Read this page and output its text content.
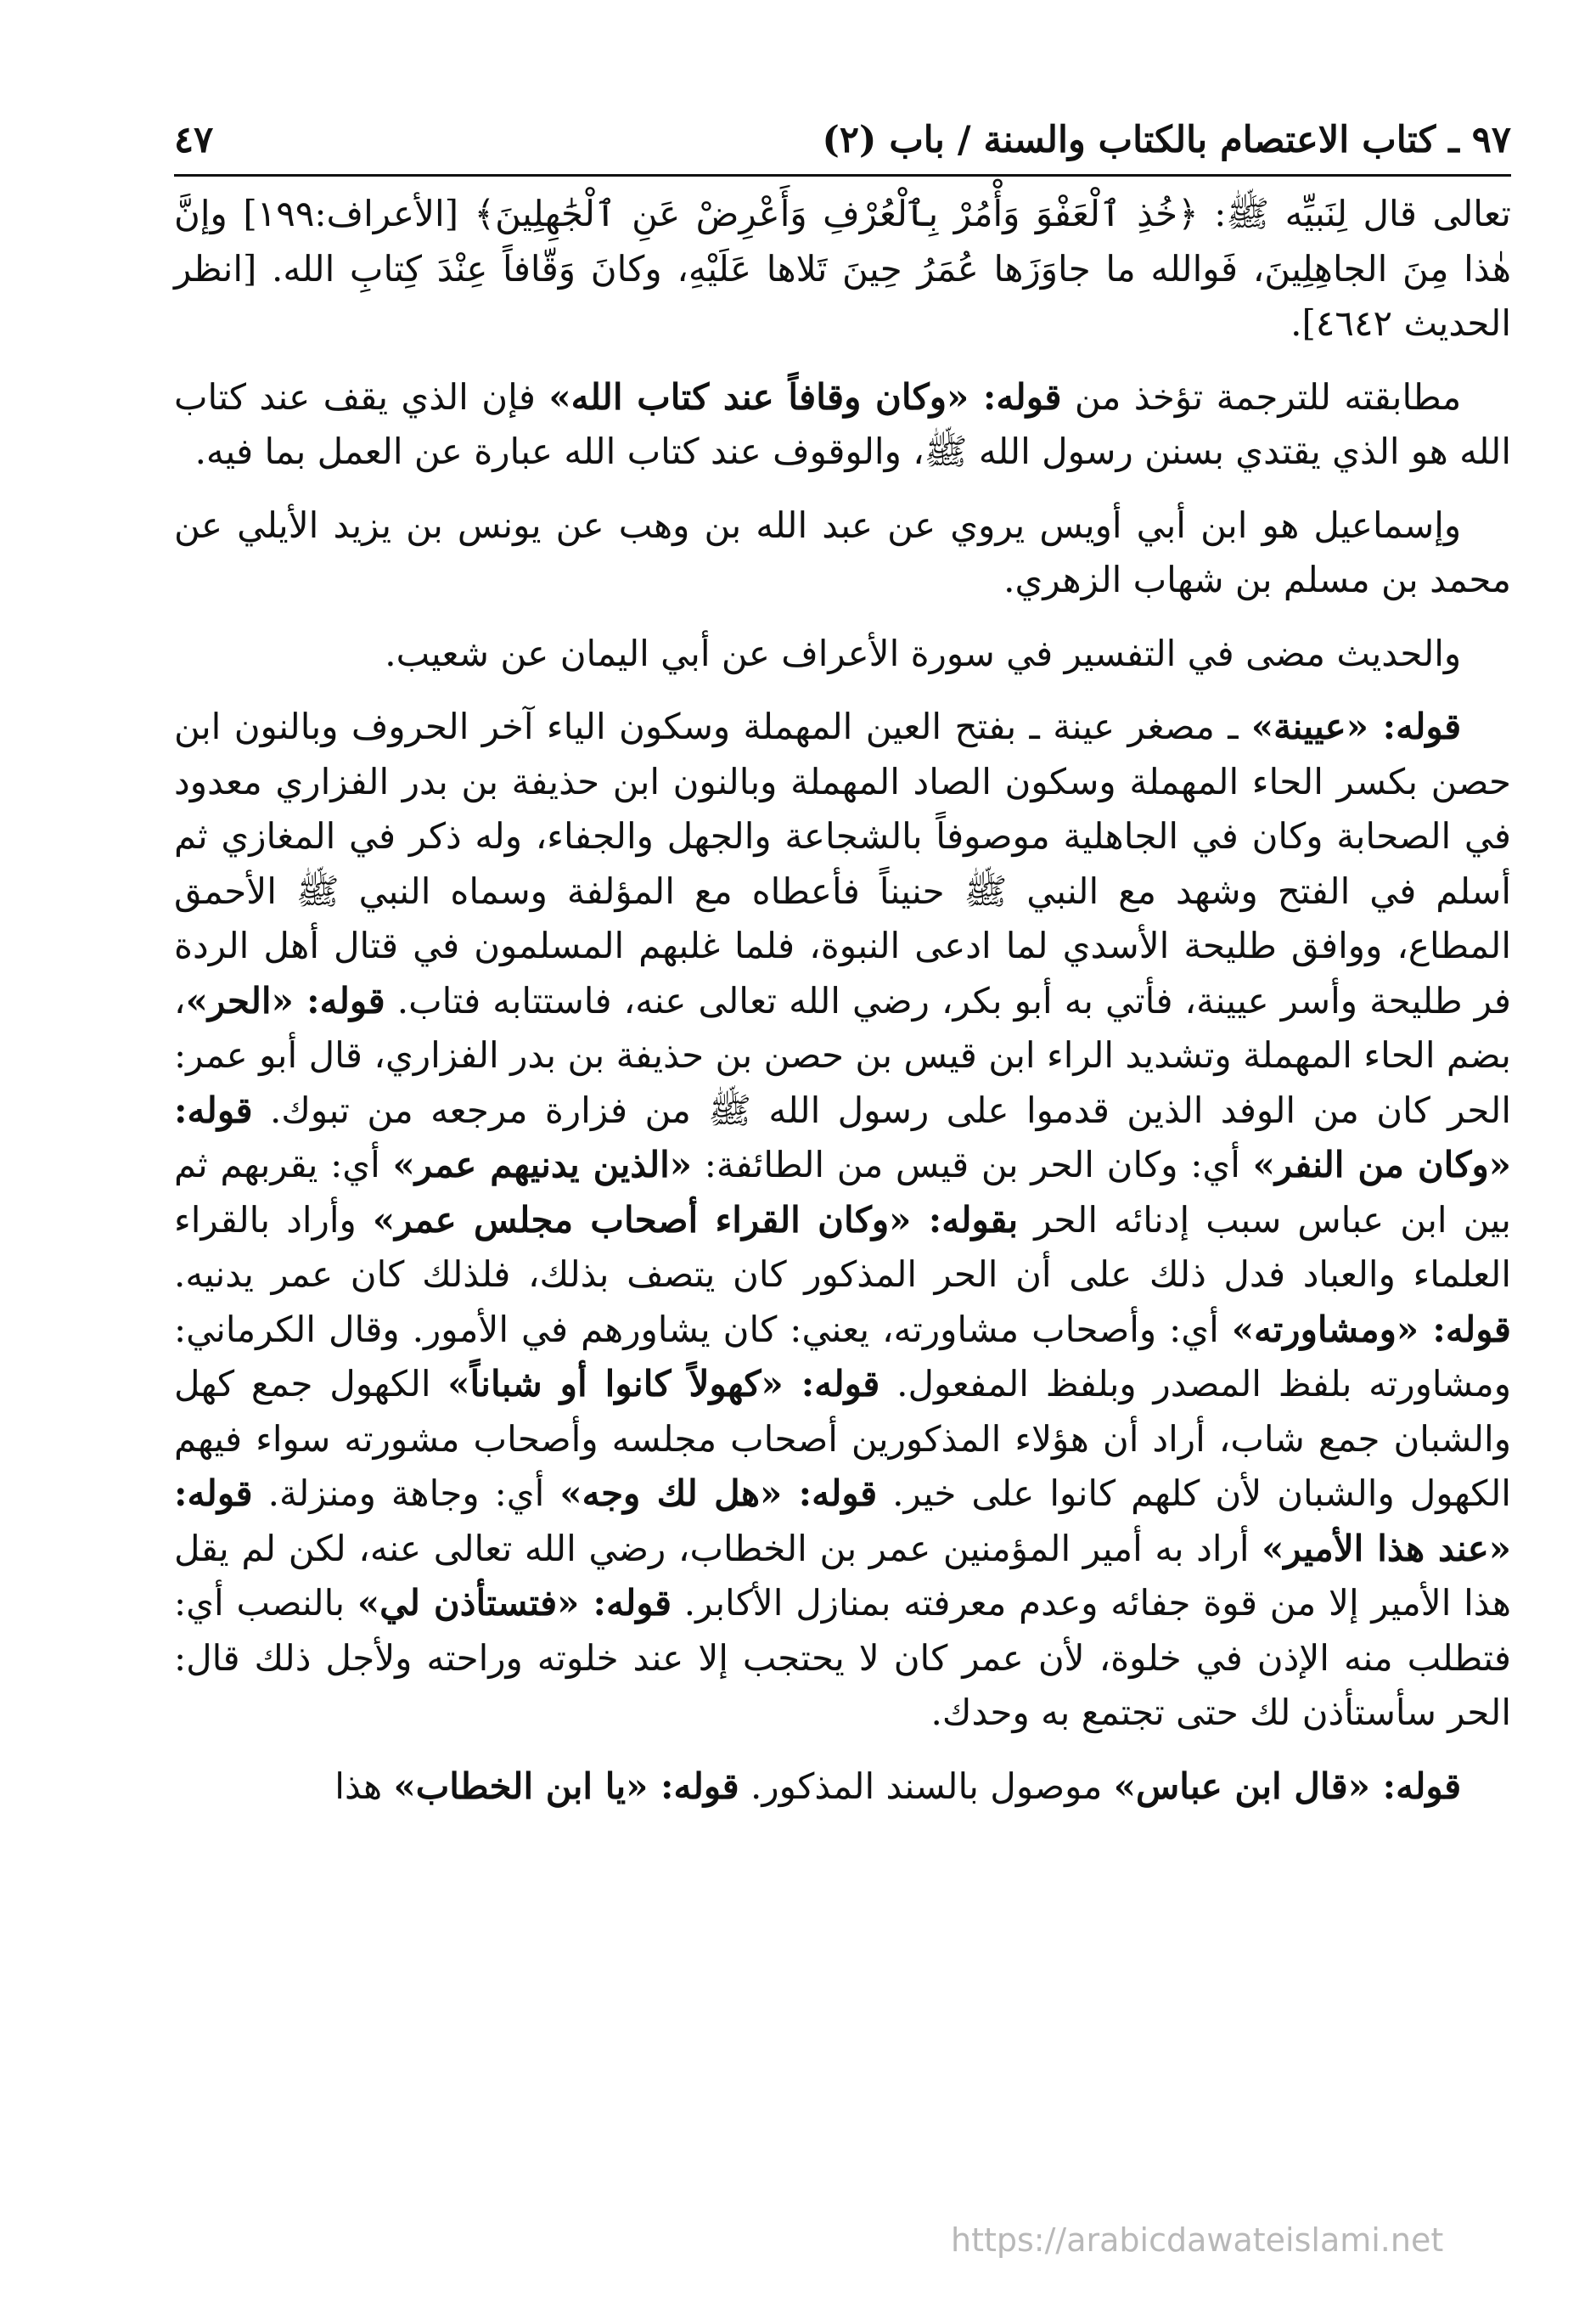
٩٧ ـ كتاب الاعتصام بالكتاب والسنة / باب (٢)
٤٧

تعالى قال لِنَبيِّه ﷺ: ﴿خُذِ ٱلْعَفْوَ وَأْمُرْ بِٱلْعُرْفِ وَأَعْرِضْ عَنِ ٱلْجَٰهِلِينَ﴾ [الأعراف:١٩٩] وإنَّ هٰذا مِنَ الجاهِلِينَ، فَوالله ما جاوَزَها عُمَرُ حِينَ تَلاها عَلَيْهِ، وكانَ وَقّافاً عِنْدَ كِتابِ الله. [انظر الحديث ٤٦٤٢].

مطابقته للترجمة تؤخذ من قوله: «وكان وقافاً عند كتاب الله» فإن الذي يقف عند كتاب الله هو الذي يقتدي بسنن رسول الله ﷺ، والوقوف عند كتاب الله عبارة عن العمل بما فيه.

وإسماعيل هو ابن أبي أويس يروي عن عبد الله بن وهب عن يونس بن يزيد الأيلي عن محمد بن مسلم بن شهاب الزهري.

والحديث مضى في التفسير في سورة الأعراف عن أبي اليمان عن شعيب.

قوله: «عيينة» ـ مصغر عينة ـ بفتح العين المهملة وسكون الياء آخر الحروف وبالنون ابن حصن بكسر الحاء المهملة وسكون الصاد المهملة وبالنون ابن حذيفة بن بدر الفزاري معدود في الصحابة وكان في الجاهلية موصوفاً بالشجاعة والجهل والجفاء، وله ذكر في المغازي ثم أسلم في الفتح وشهد مع النبي ﷺ حنيناً فأعطاه مع المؤلفة وسماه النبي ﷺ الأحمق المطاع، ووافق طليحة الأسدي لما ادعى النبوة، فلما غلبهم المسلمون في قتال أهل الردة فر طليحة وأسر عيينة، فأتي به أبو بكر، رضي الله تعالى عنه، فاستتابه فتاب. قوله: «الحر»، بضم الحاء المهملة وتشديد الراء ابن قيس بن حصن بن حذيفة بن بدر الفزاري، قال أبو عمر: الحر كان من الوفد الذين قدموا على رسول الله ﷺ من فزارة مرجعه من تبوك. قوله: «وكان من النفر» أي: وكان الحر بن قيس من الطائفة: «الذين يدنيهم عمر» أي: يقربهم ثم بين ابن عباس سبب إدنائه الحر بقوله: «وكان القراء أصحاب مجلس عمر» وأراد بالقراء العلماء والعباد فدل ذلك على أن الحر المذكور كان يتصف بذلك، فلذلك كان عمر يدنيه. قوله: «ومشاورته» أي: وأصحاب مشاورته، يعني: كان يشاورهم في الأمور. وقال الكرماني: ومشاورته بلفظ المصدر وبلفظ المفعول. قوله: «كهولاً كانوا أو شباناً» الكهول جمع كهل والشبان جمع شاب، أراد أن هؤلاء المذكورين أصحاب مجلسه وأصحاب مشورته سواء فيهم الكهول والشبان لأن كلهم كانوا على خير. قوله: «هل لك وجه» أي: وجاهة ومنزلة. قوله: «عند هذا الأمير» أراد به أمير المؤمنين عمر بن الخطاب، رضي الله تعالى عنه، لكن لم يقل هذا الأمير إلا من قوة جفائه وعدم معرفته بمنازل الأكابر. قوله: «فتستأذن لي» بالنصب أي: فتطلب منه الإذن في خلوة، لأن عمر كان لا يحتجب إلا عند خلوته وراحته ولأجل ذلك قال: الحر سأستأذن لك حتى تجتمع به وحدك.

قوله: «قال ابن عباس» موصول بالسند المذكور. قوله: «يا ابن الخطاب» هذا

https://arabicdawateislami.net
